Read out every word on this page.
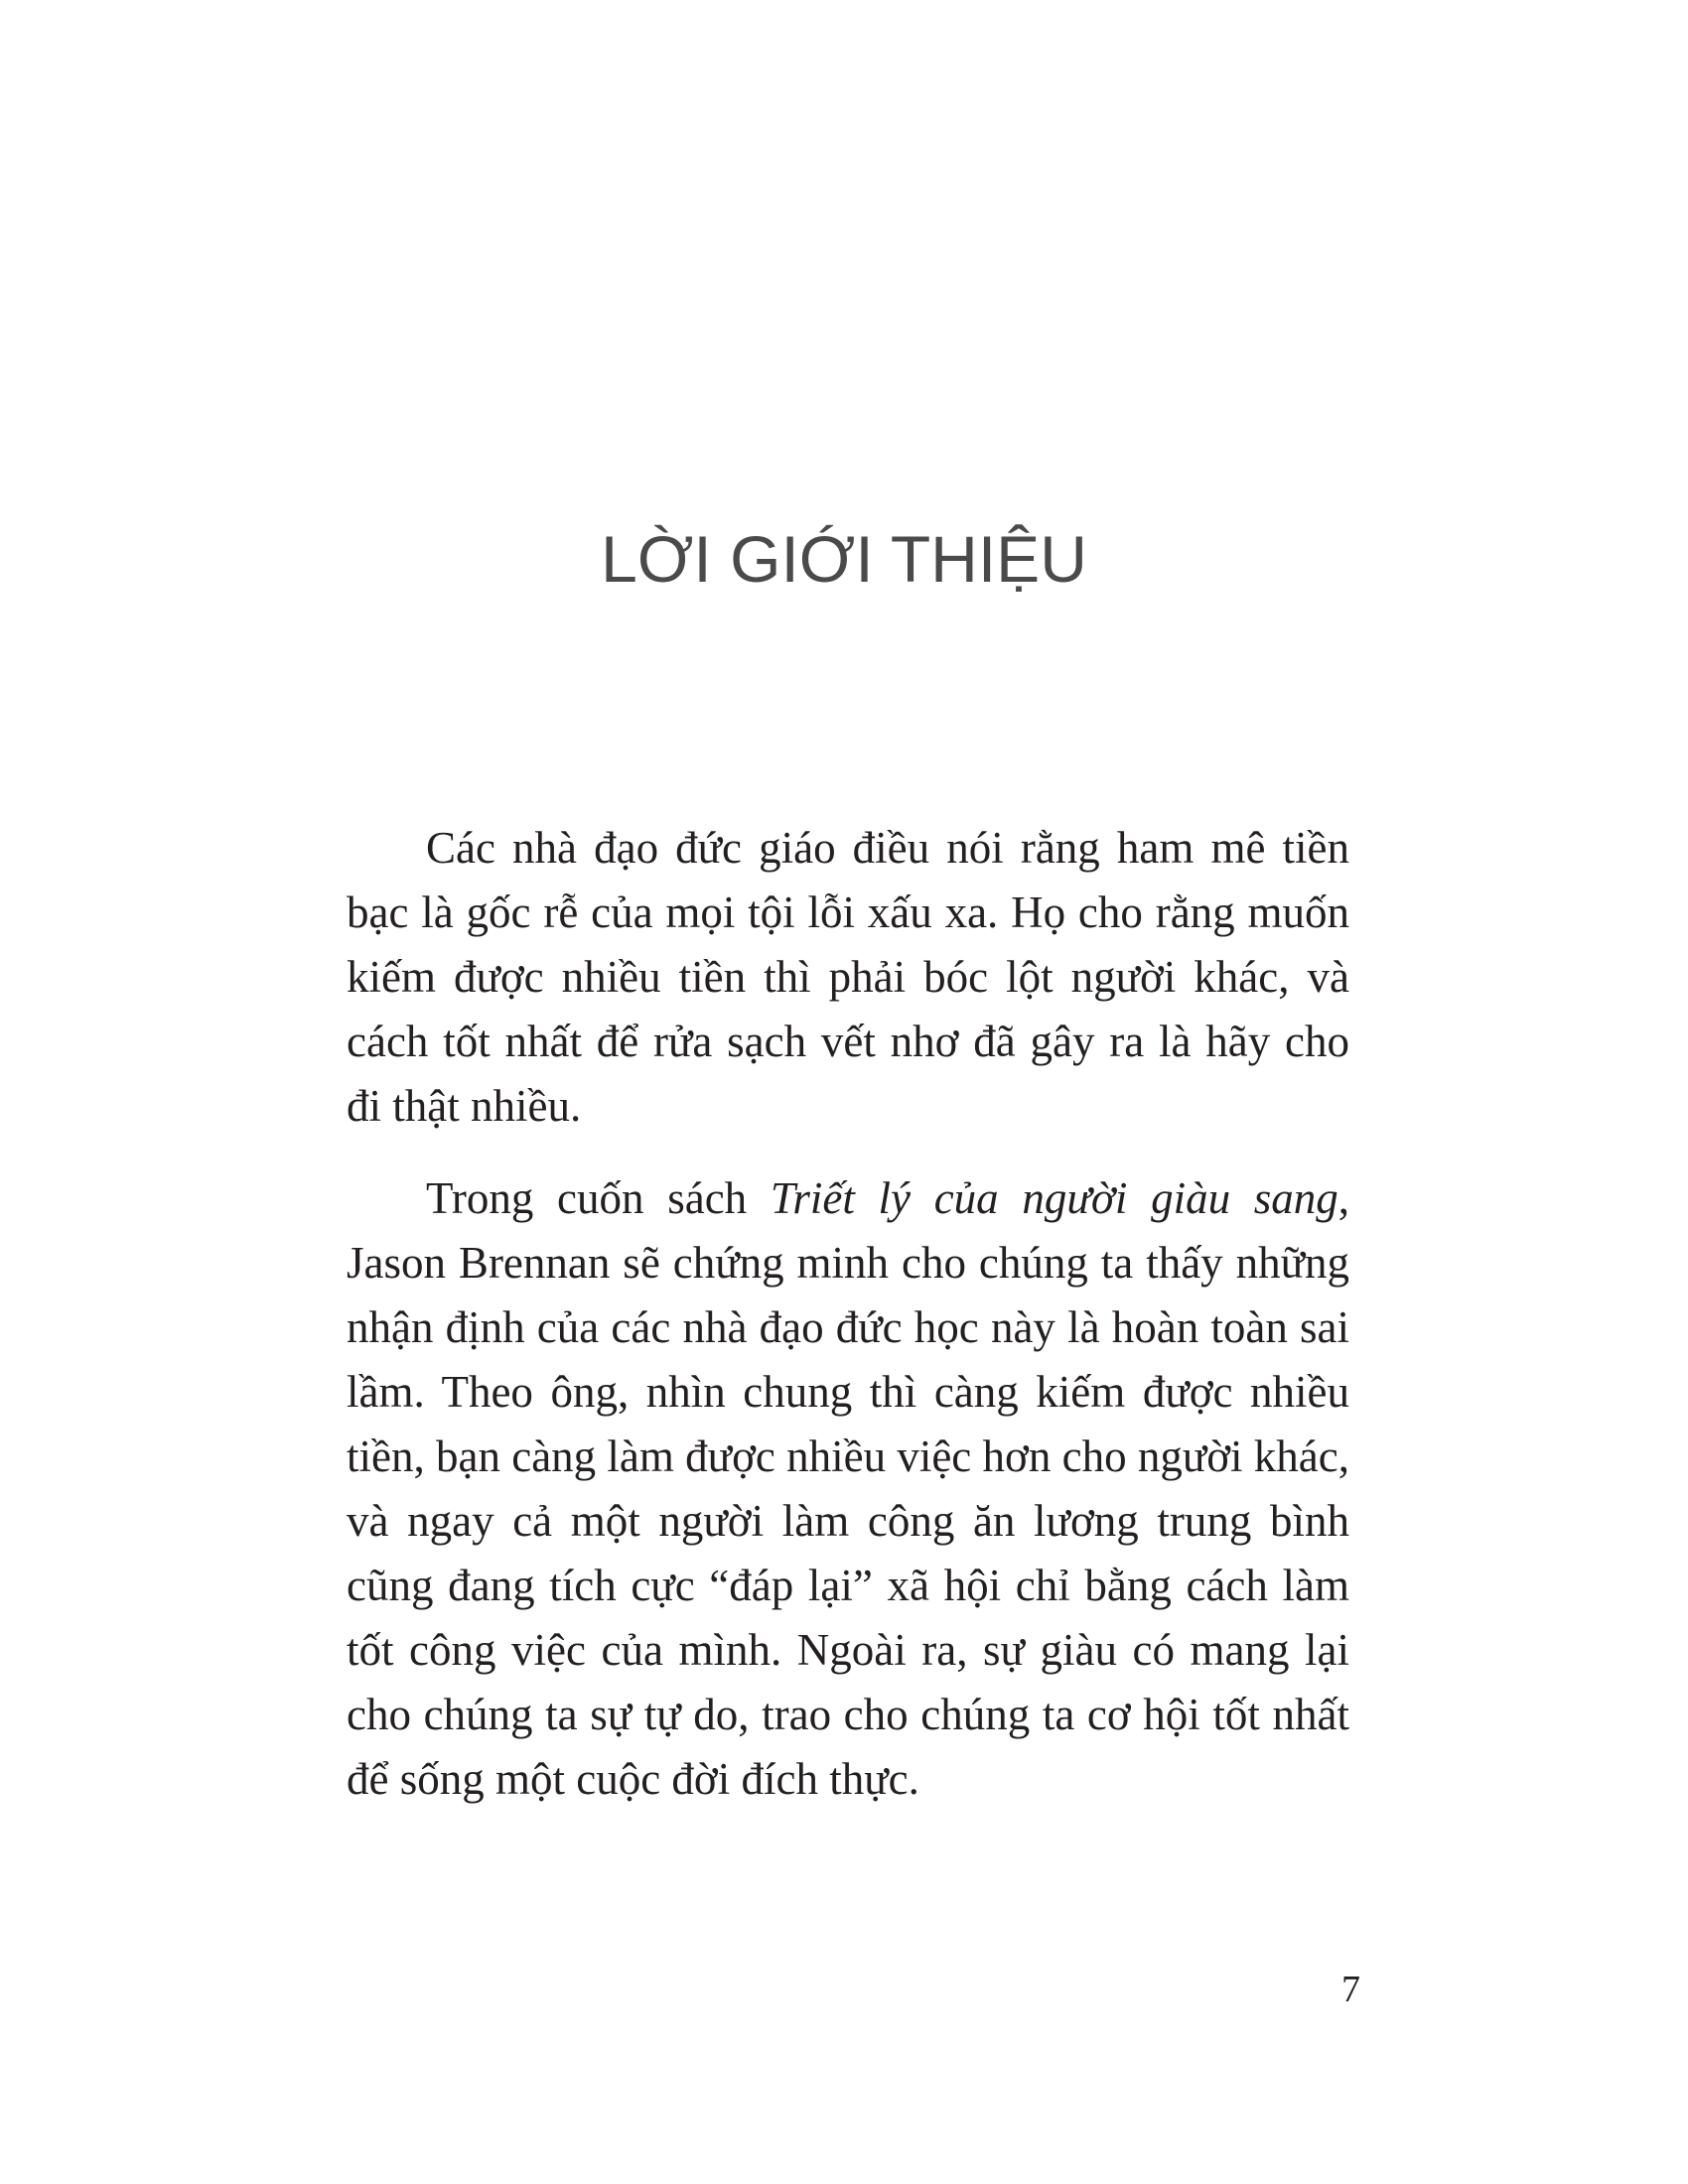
LỜI GIỚI THIỆU

Các nhà đạo đức giáo điều nói rằng ham mê tiền bạc là gốc rễ của mọi tội lỗi xấu xa. Họ cho rằng muốn kiếm được nhiều tiền thì phải bóc lột người khác, và cách tốt nhất để rửa sạch vết nhơ đã gây ra là hãy cho đi thật nhiều.

Trong cuốn sách Triết lý của người giàu sang, Jason Brennan sẽ chứng minh cho chúng ta thấy những nhận định của các nhà đạo đức học này là hoàn toàn sai lầm. Theo ông, nhìn chung thì càng kiếm được nhiều tiền, bạn càng làm được nhiều việc hơn cho người khác, và ngay cả một người làm công ăn lương trung bình cũng đang tích cực “đáp lại” xã hội chỉ bằng cách làm tốt công việc của mình. Ngoài ra, sự giàu có mang lại cho chúng ta sự tự do, trao cho chúng ta cơ hội tốt nhất để sống một cuộc đời đích thực.

7
